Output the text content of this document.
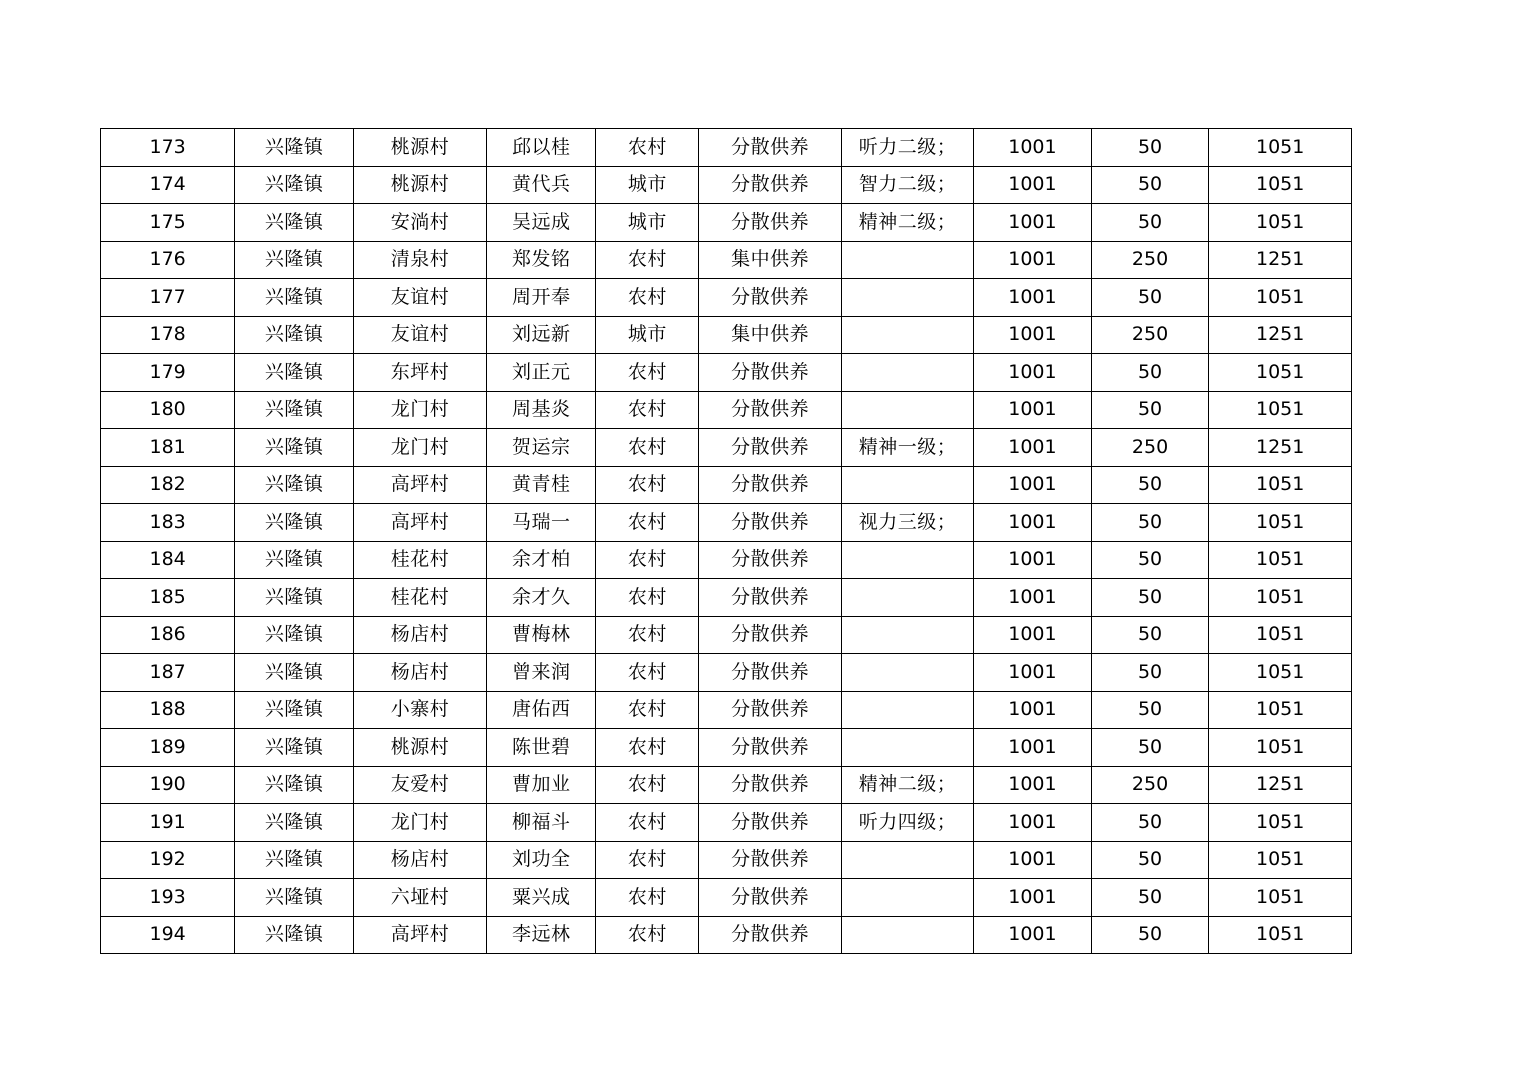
173	兴隆镇	桃源村	邱以桂	农村	分散供养	听力二级；	1001	50	1051
174	兴隆镇	桃源村	黄代兵	城市	分散供养	智力二级；	1001	50	1051
175	兴隆镇	安淌村	吴远成	城市	分散供养	精神二级；	1001	50	1051
176	兴隆镇	清泉村	郑发铭	农村	集中供养		1001	250	1251
177	兴隆镇	友谊村	周开奉	农村	分散供养		1001	50	1051
178	兴隆镇	友谊村	刘远新	城市	集中供养		1001	250	1251
179	兴隆镇	东坪村	刘正元	农村	分散供养		1001	50	1051
180	兴隆镇	龙门村	周基炎	农村	分散供养		1001	50	1051
181	兴隆镇	龙门村	贺运宗	农村	分散供养	精神一级；	1001	250	1251
182	兴隆镇	高坪村	黄青桂	农村	分散供养		1001	50	1051
183	兴隆镇	高坪村	马瑞一	农村	分散供养	视力三级；	1001	50	1051
184	兴隆镇	桂花村	余才柏	农村	分散供养		1001	50	1051
185	兴隆镇	桂花村	余才久	农村	分散供养		1001	50	1051
186	兴隆镇	杨店村	曹梅林	农村	分散供养		1001	50	1051
187	兴隆镇	杨店村	曾来润	农村	分散供养		1001	50	1051
188	兴隆镇	小寨村	唐佑西	农村	分散供养		1001	50	1051
189	兴隆镇	桃源村	陈世碧	农村	分散供养		1001	50	1051
190	兴隆镇	友爱村	曹加业	农村	分散供养	精神二级；	1001	250	1251
191	兴隆镇	龙门村	柳福斗	农村	分散供养	听力四级；	1001	50	1051
192	兴隆镇	杨店村	刘功全	农村	分散供养		1001	50	1051
193	兴隆镇	六垭村	粟兴成	农村	分散供养		1001	50	1051
194	兴隆镇	高坪村	李远林	农村	分散供养		1001	50	1051
